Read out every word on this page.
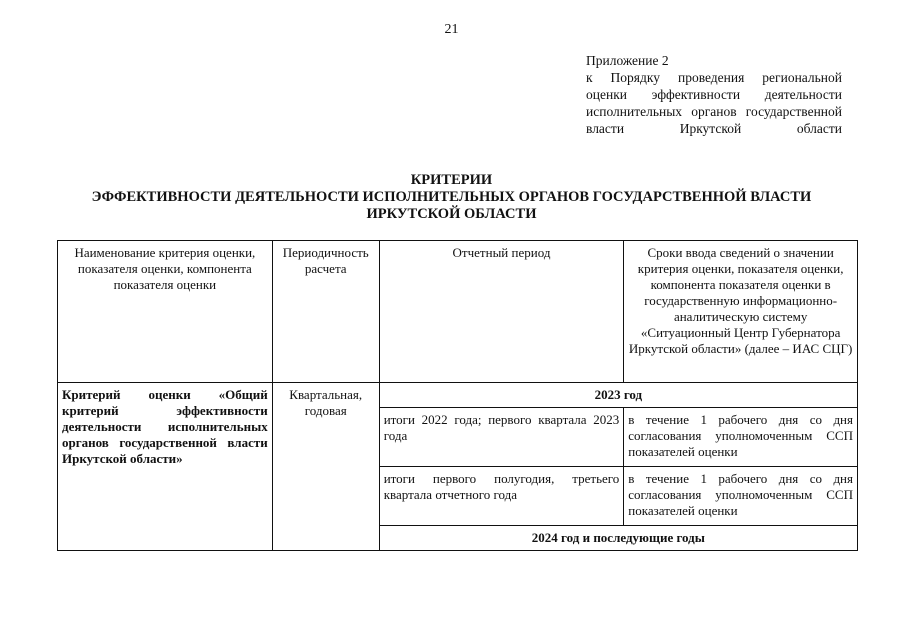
21
Приложение 2
к Порядку проведения региональной оценки эффективности деятельности исполнительных органов государственной власти Иркутской области
КРИТЕРИИ
ЭФФЕКТИВНОСТИ ДЕЯТЕЛЬНОСТИ ИСПОЛНИТЕЛЬНЫХ ОРГАНОВ ГОСУДАРСТВЕННОЙ ВЛАСТИ
ИРКУТСКОЙ ОБЛАСТИ
Наименование критерия оценки, показателя оценки, компонента показателя оценки	Периодичность расчета	Отчетный период	Сроки ввода сведений о значении критерия оценки, показателя оценки, компонента показателя оценки в государственную информационно-аналитическую систему «Ситуационный Центр Губернатора Иркутской области» (далее – ИАС СЦГ)
Критерий оценки «Общий критерий эффективности деятельности исполнительных органов государственной власти Иркутской области»	Квартальная, годовая	2023 год	
		итоги 2022 года; первого квартала 2023 года	в течение 1 рабочего дня со дня согласования уполномоченным ССП показателей оценки
		итоги первого полугодия, третьего квартала отчетного года	в течение 1 рабочего дня со дня согласования уполномоченным ССП показателей оценки
		2024 год и последующие годы	
